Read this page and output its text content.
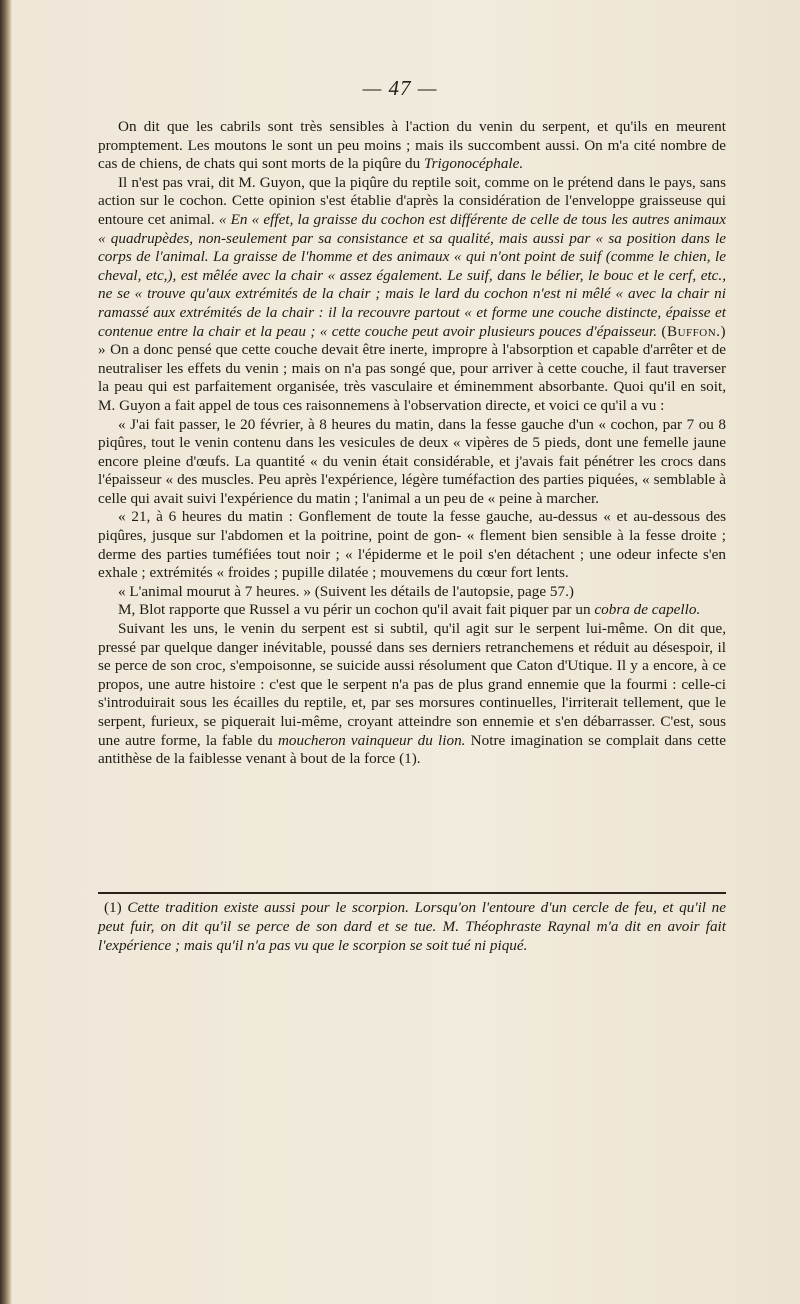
— 47 —

On dit que les cabrils sont très sensibles à l'action du venin du serpent, et qu'ils en meurent promptement. Les moutons le sont un peu moins ; mais ils succombent aussi. On m'a cité nombre de cas de chiens, de chats qui sont morts de la piqûre du Trigonocéphale.

Il n'est pas vrai, dit M. Guyon, que la piqûre du reptile soit, comme on le prétend dans le pays, sans action sur le cochon. Cette opinion s'est établie d'après la considération de l'enveloppe graisseuse qui entoure cet animal. « En « effet, la graisse du cochon est différente de celle de tous les autres animaux « quadrupèdes, non-seulement par sa consistance et sa qualité, mais aussi par « sa position dans le corps de l'animal. La graisse de l'homme et des animaux « qui n'ont point de suif (comme le chien, le cheval, etc,), est mêlée avec la chair « assez également. Le suif, dans le bélier, le bouc et le cerf, etc., ne se « trouve qu'aux extrémités de la chair ; mais le lard du cochon n'est ni mêlé « avec la chair ni ramassé aux extrémités de la chair : il la recouvre partout « et forme une couche distincte, épaisse et contenue entre la chair et la peau ; « cette couche peut avoir plusieurs pouces d'épaisseur. (Buffon.) » On a donc pensé que cette couche devait être inerte, impropre à l'absorption et capable d'arrêter et de neutraliser les effets du venin ; mais on n'a pas songé que, pour arriver à cette couche, il faut traverser la peau qui est parfaitement organisée, très vasculaire et éminemment absorbante. Quoi qu'il en soit, M. Guyon a fait appel de tous ces raisonnemens à l'observation directe, et voici ce qu'il a vu :

« J'ai fait passer, le 20 février, à 8 heures du matin, dans la fesse gauche d'un « cochon, par 7 ou 8 piqûres, tout le venin contenu dans les vesicules de deux « vipères de 5 pieds, dont une femelle jaune encore pleine d'œufs. La quantité « du venin était considérable, et j'avais fait pénétrer les crocs dans l'épaisseur « des muscles. Peu après l'expérience, légère tuméfaction des parties piquées, « semblable à celle qui avait suivi l'expérience du matin ; l'animal a un peu de « peine à marcher.

« 21, à 6 heures du matin : Gonflement de toute la fesse gauche, au-dessus « et au-dessous des piqûres, jusque sur l'abdomen et la poitrine, point de gon- « flement bien sensible à la fesse droite ; derme des parties tuméfiées tout noir ; « l'épiderme et le poil s'en détachent ; une odeur infecte s'en exhale ; extrémités « froides ; pupille dilatée ; mouvemens du cœur fort lents.

« L'animal mourut à 7 heures. » (Suivent les détails de l'autopsie, page 57.)

M, Blot rapporte que Russel a vu périr un cochon qu'il avait fait piquer par un cobra de capello.

Suivant les uns, le venin du serpent est si subtil, qu'il agit sur le serpent lui-même. On dit que, pressé par quelque danger inévitable, poussé dans ses derniers retranchemens et réduit au désespoir, il se perce de son croc, s'empoisonne, se suicide aussi résolument que Caton d'Utique. Il y a encore, à ce propos, une autre histoire : c'est que le serpent n'a pas de plus grand ennemie que la fourmi : celle-ci s'introduirait sous les écailles du reptile, et, par ses morsures continuelles, l'irriterait tellement, que le serpent, furieux, se piquerait lui-même, croyant atteindre son ennemie et s'en débarrasser. C'est, sous une autre forme, la fable du moucheron vainqueur du lion. Notre imagination se complait dans cette antithèse de la faiblesse venant à bout de la force (1).

(1) Cette tradition existe aussi pour le scorpion. Lorsqu'on l'entoure d'un cercle de feu, et qu'il ne peut fuir, on dit qu'il se perce de son dard et se tue. M. Théophraste Raynal m'a dit en avoir fait l'expérience ; mais qu'il n'a pas vu que le scorpion se soit tué ni piqué.
